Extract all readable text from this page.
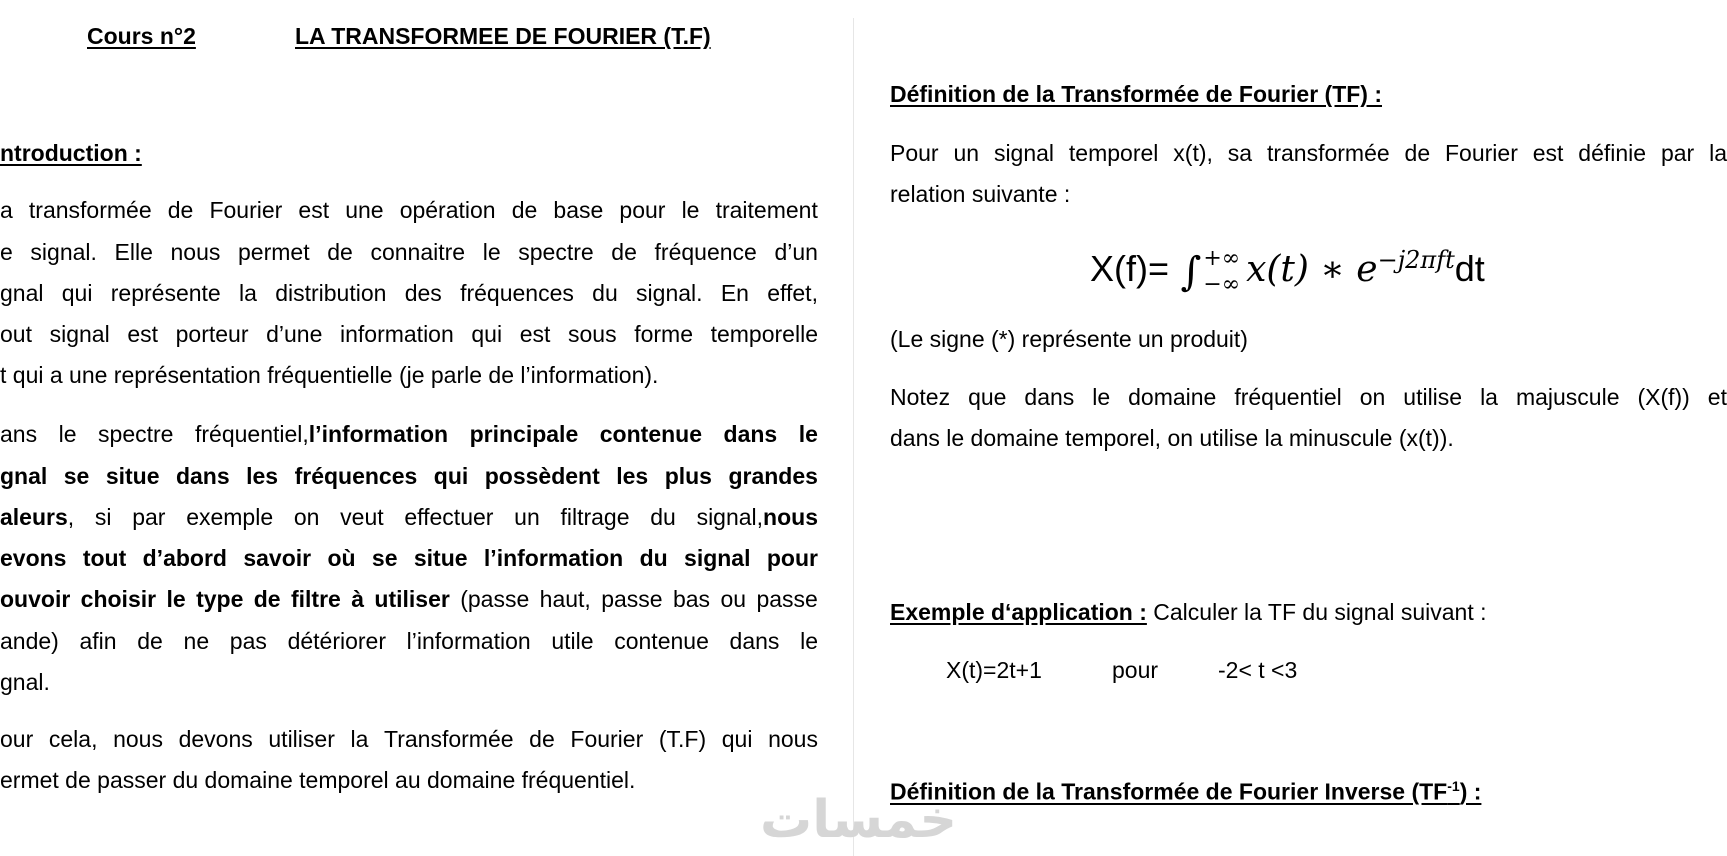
Cours n°2	LA TRANSFORMEE DE FOURIER (T.F)
ntroduction :
a transformée de Fourier est une opération de base pour le traitement
e signal. Elle nous permet de connaitre le spectre de fréquence d’un
gnal qui représente la distribution des fréquences du signal. En effet,
out signal est porteur d’une information qui est sous forme temporelle
t qui a une représentation fréquentielle (je parle de l’information).
ans le spectre fréquentiel,l’information principale contenue dans le
gnal se situe dans les fréquences qui possèdent les plus grandes
aleurs, si par exemple on veut effectuer un filtrage du signal,nous
evons tout d’abord savoir où se situe l’information du signal pour
ouvoir choisir le type de filtre à utiliser (passe haut, passe bas ou passe
ande) afin de ne pas détériorer l’information utile contenue dans le
gnal.
our cela, nous devons utiliser la Transformée de Fourier (T.F) qui nous
ermet de passer du domaine temporel au domaine fréquentiel.
Définition de la Transformée de Fourier (TF) :
Pour un signal temporel x(t), sa transformée de Fourier est définie par la
relation suivante :
X(f)= ∫ +∞
−∞ x(t) ∗ $e^{-j2\pi ft}dt$
(Le signe (*) représente un produit)
Notez que dans le domaine fréquentiel on utilise la majuscule (X(f)) et
dans le domaine temporel, on utilise la minuscule (x(t)).
Exemple d‘application : Calculer la TF du signal suivant :
X(t)=2t+1	pour	-2< t <3
Définition de la Transformée de Fourier Inverse $(TF^{-1})$ :
خمسات
